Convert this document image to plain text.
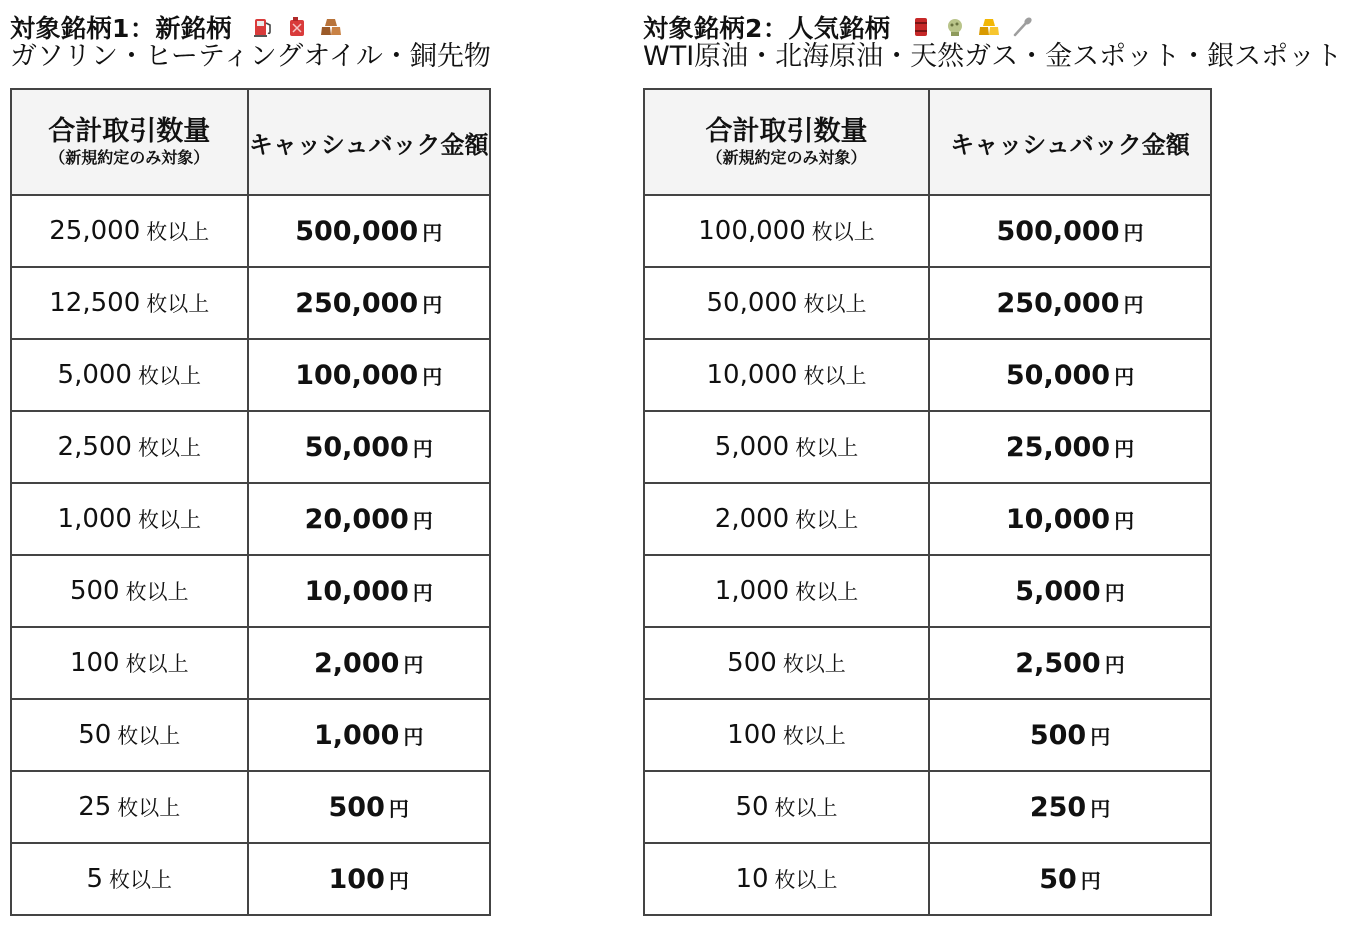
対象銘柄1：新銘柄
ガソリン・ヒーティングオイル・銅先物
合計取引数量
（新規約定のみ対象）	キャッシュバック金額
25,000 枚以上	500,000 円
12,500 枚以上	250,000 円
5,000 枚以上	100,000 円
2,500 枚以上	50,000 円
1,000 枚以上	20,000 円
500 枚以上	10,000 円
100 枚以上	2,000 円
50 枚以上	1,000 円
25 枚以上	500 円
5 枚以上	100 円
対象銘柄2：人気銘柄
WTI原油・北海原油・天然ガス・金スポット・銀スポット
合計取引数量
（新規約定のみ対象）	キャッシュバック金額
100,000 枚以上	500,000 円
50,000 枚以上	250,000 円
10,000 枚以上	50,000 円
5,000 枚以上	25,000 円
2,000 枚以上	10,000 円
1,000 枚以上	5,000 円
500 枚以上	2,500 円
100 枚以上	500 円
50 枚以上	250 円
10 枚以上	50 円
